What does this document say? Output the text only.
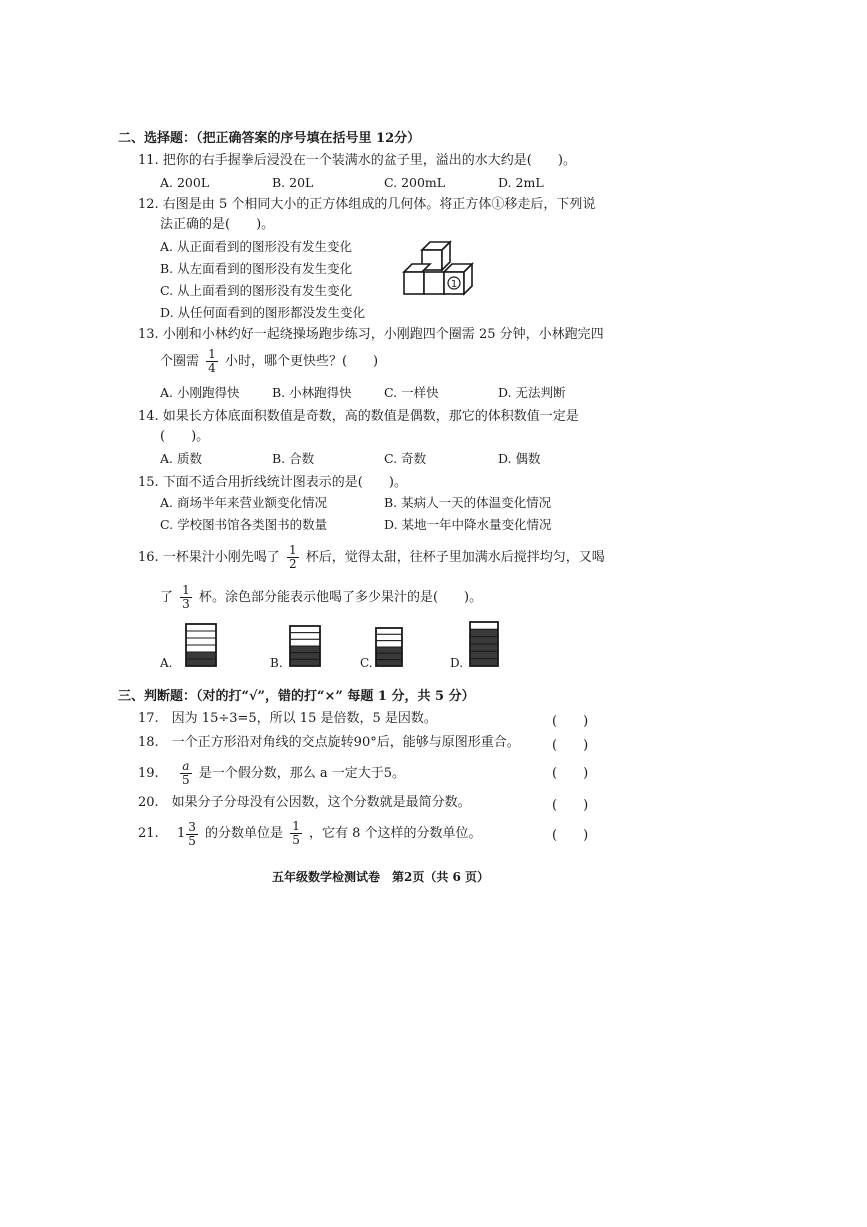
二、选择题：（把正确答案的序号填在括号里 12分）
11. 把你的右手握拳后浸没在一个装满水的盆子里，溢出的水大约是(　　)。
A. 200L	B. 20L	C. 200mL	D. 2mL
12. 右图是由 5 个相同大小的正方体组成的几何体。将正方体①移走后，下列说
法正确的是(　　)。
A. 从正面看到的图形没有发生变化
B. 从左面看到的图形没有发生变化
C. 从上面看到的图形没有发生变化
D. 从任何面看到的图形都没发生变化
1
13. 小刚和小林约好一起绕操场跑步练习，小刚跑四个圈需 25 分钟，小林跑完四
个圈需 $\frac{1}{4}$ 小时，哪个更快些？(　　)
A. 小刚跑得快	B. 小林跑得快	C. 一样快	D. 无法判断
14. 如果长方体底面积数值是奇数，高的数值是偶数，那它的体积数值一定是
(　　)。
A. 质数	B. 合数	C. 奇数	D. 偶数
15. 下面不适合用折线统计图表示的是(　　)。
A. 商场半年来营业额变化情况	B. 某病人一天的体温变化情况
C. 学校图书馆各类图书的数量	D. 某地一年中降水量变化情况
16. 一杯果汁小刚先喝了 $\frac{1}{2}$ 杯后，觉得太甜，往杯子里加满水后搅拌均匀，又喝
了 $\frac{1}{3}$ 杯。涂色部分能表示他喝了多少果汁的是(　　)。
A.	B.	C.	D.
三、判断题：（对的打“√”，错的打“×” 每题 1 分，共 5 分）
17.　因为 15÷3=5，所以 15 是倍数，5 是因数。	(　　)
18.　一个正方形沿对角线的交点旋转90°后，能够与原图形重合。 (　　)
19. $\frac{a}{5}$ 是一个假分数，那么 a 一定大于5。	(　　)
20.　如果分子分母没有公因数，这个分数就是最简分数。	(　　)
21. $1 \frac{3}{5}$ 的分数单位是 $\frac{1}{5}$ ，它有 8 个这样的分数单位。	(　　)
五年级数学检测试卷　第2页（共 6 页）
